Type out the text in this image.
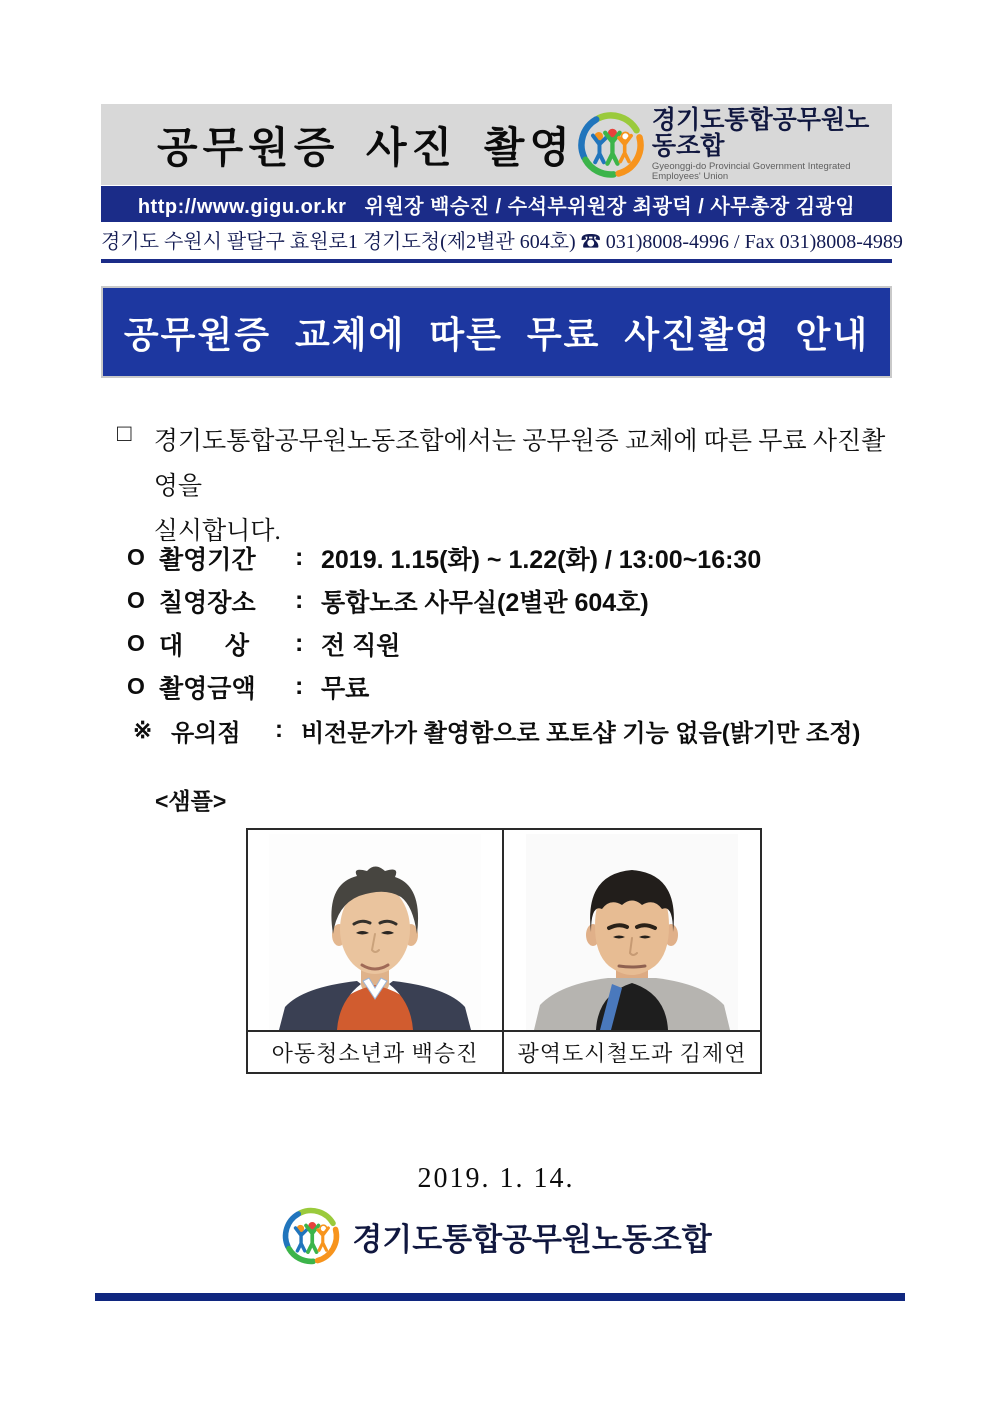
공무원증 사진 촬영
경기도통합공무원노동조합
Gyeonggi-do Provincial Government Integrated Employees' Union
http://www.gigu.or.kr   위원장 백승진 / 수석부위원장 최광덕 / 사무총장 김광임
경기도 수원시 팔달구 효원로1 경기도청(제2별관 604호) ☎ 031)8008-4996 / Fax 031)8008-4989
공무원증 교체에 따른 무료 사진촬영 안내
□ 경기도통합공무원노동조합에서는 공무원증 교체에 따른 무료 사진촬영을
실시합니다.
O 촬영기간	: 2019. 1.15(화) ~ 1.22(화) / 13:00~16:30
O 칠영장소	: 통합노조 사무실(2별관 604호)
O 대      상	: 전 직원
O 촬영금액	: 무료
※ 유의점	: 비전문가가 촬영함으로 포토샵 기능 없음(밝기만 조정)
<샘플>
아동청소년과 백승진	광역도시철도과 김제연
2019. 1. 14.
경기도통합공무원노동조합
